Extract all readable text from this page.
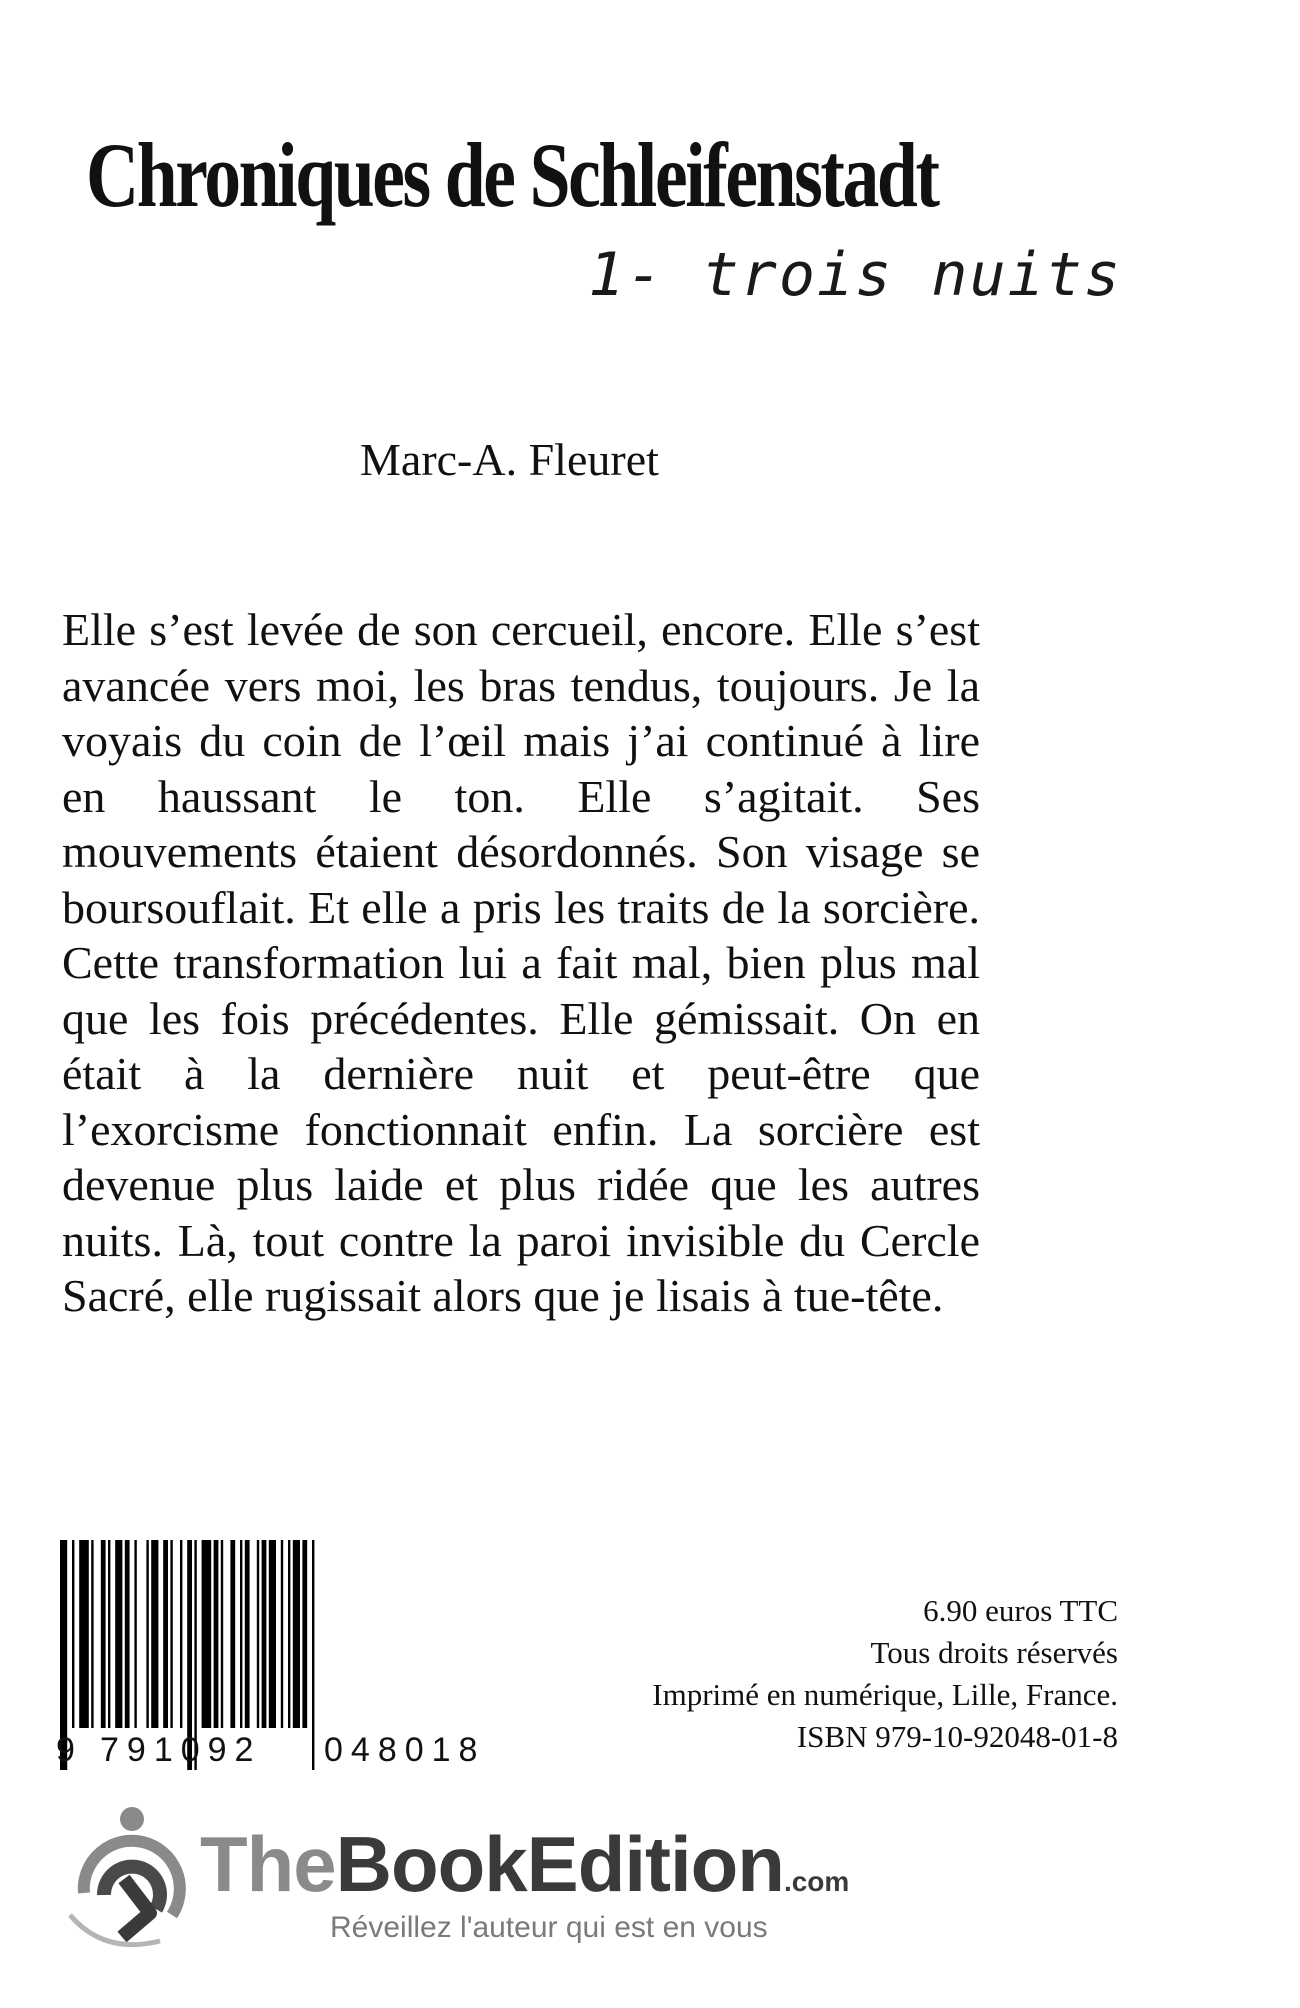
Chroniques de Schleifenstadt

1- trois nuits

Marc-A. Fleuret

Elle s’est levée de son cercueil, encore. Elle s’est avancée vers moi, les bras tendus, toujours. Je la voyais du coin de l’œil mais j’ai continué à lire en haussant le ton. Elle s’agitait. Ses mouvements étaient désordonnés. Son visage se boursouflait. Et elle a pris les traits de la sorcière. Cette transformation lui a fait mal, bien plus mal que les fois précédentes. Elle gémissait. On en était à la dernière nuit et peut-être que l’exorcisme fonctionnait enfin. La sorcière est devenue plus laide et plus ridée que les autres nuits. Là, tout contre la paroi invisible du Cercle Sacré, elle rugissait alors que je lisais à tue-tête.

9 791092 048018
6.90 euros TTC
Tous droits réservés
Imprimé en numérique, Lille, France.
ISBN 979-10-92048-01-8
TheBookEdition.com
Réveillez l'auteur qui est en vous
